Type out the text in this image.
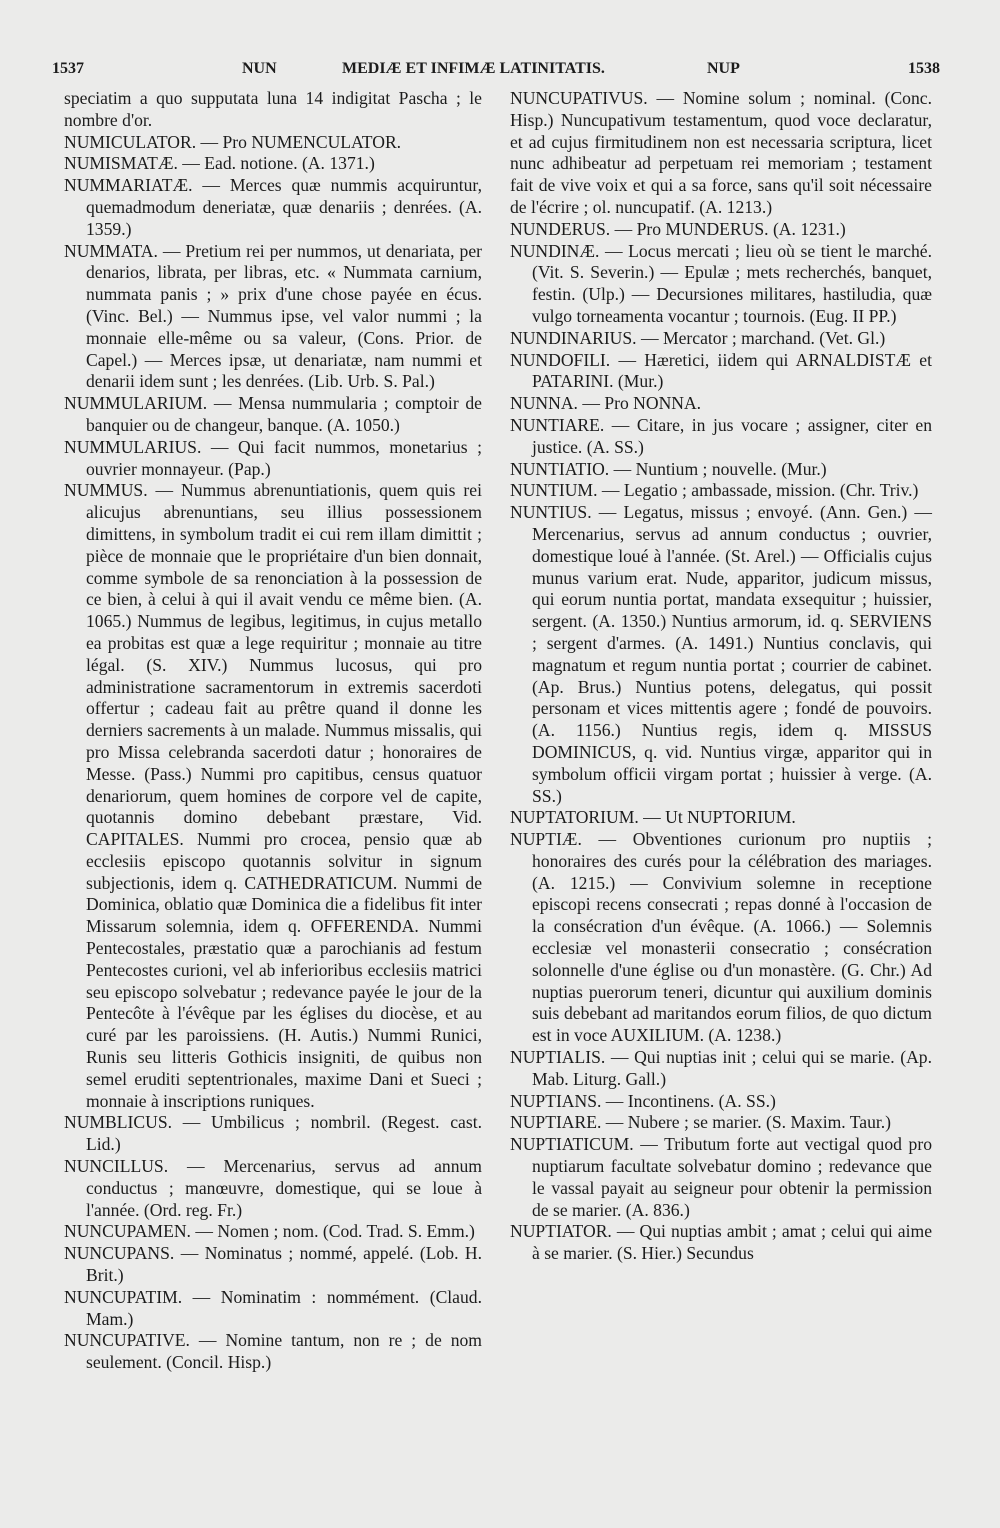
1537	NUN	MEDIÆ ET INFIMÆ LATINITATIS.	NUP	1538

speciatim a quo supputata luna 14 indigitat Pascha ; le nombre d'or.

NUMICULATOR. — Pro NUMENCULATOR.

NUMISMATÆ. — Ead. notione. (A. 1371.)

NUMMARIATÆ. — Merces quæ nummis acquiruntur, quemadmodum deneriatæ, quæ denariis ; denrées. (A. 1359.)

NUMMATA. — Pretium rei per nummos, ut denariata, per denarios, librata, per libras, etc. « Nummata carnium, nummata panis ; » prix d'une chose payée en écus. (Vinc. Bel.) — Nummus ipse, vel valor nummi ; la monnaie elle-même ou sa valeur, (Cons. Prior. de Capel.) — Merces ipsæ, ut denariatæ, nam nummi et denarii idem sunt ; les denrées. (Lib. Urb. S. Pal.)

NUMMULARIUM. — Mensa nummularia ; comptoir de banquier ou de changeur, banque. (A. 1050.)

NUMMULARIUS. — Qui facit nummos, monetarius ; ouvrier monnayeur. (Pap.)

NUMMUS. — Nummus abrenuntiationis, quem quis rei alicujus abrenuntians, seu illius possessionem dimittens, in symbolum tradit ei cui rem illam dimittit ; pièce de monnaie que le propriétaire d'un bien donnait, comme symbole de sa renonciation à la possession de ce bien, à celui à qui il avait vendu ce même bien. (A. 1065.) Nummus de legibus, legitimus, in cujus metallo ea probitas est quæ a lege requiritur ; monnaie au titre légal. (S. XIV.) Nummus lucosus, qui pro administratione sacramentorum in extremis sacerdoti offertur ; cadeau fait au prêtre quand il donne les derniers sacrements à un malade. Nummus missalis, qui pro Missa celebranda sacerdoti datur ; honoraires de Messe. (Pass.) Nummi pro capitibus, census quatuor denariorum, quem homines de corpore vel de capite, quotannis domino debebant præstare, Vid. CAPITALES. Nummi pro crocea, pensio quæ ab ecclesiis episcopo quotannis solvitur in signum subjectionis, idem q. CATHEDRATICUM. Nummi de Dominica, oblatio quæ Dominica die a fidelibus fit inter Missarum solemnia, idem q. OFFERENDA. Nummi Pentecostales, præstatio quæ a parochianis ad festum Pentecostes curioni, vel ab inferioribus ecclesiis matrici seu episcopo solvebatur ; redevance payée le jour de la Pentecôte à l'évêque par les églises du diocèse, et au curé par les paroissiens. (H. Autis.) Nummi Runici, Runis seu litteris Gothicis insigniti, de quibus non semel eruditi septentrionales, maxime Dani et Sueci ; monnaie à inscriptions runiques.

NUMBLICUS. — Umbilicus ; nombril. (Regest. cast. Lid.)

NUNCILLUS. — Mercenarius, servus ad annum conductus ; manœuvre, domestique, qui se loue à l'année. (Ord. reg. Fr.)

NUNCUPAMEN. — Nomen ; nom. (Cod. Trad. S. Emm.)

NUNCUPANS. — Nominatus ; nommé, appelé. (Lob. H. Brit.)

NUNCUPATIM. — Nominatim : nommément. (Claud. Mam.)

NUNCUPATIVE. — Nomine tantum, non re ; de nom seulement. (Concil. Hisp.)

NUNCUPATIVUS. — Nomine solum ; nominal. (Conc. Hisp.) Nuncupativum testamentum, quod voce declaratur, et ad cujus firmitudinem non est necessaria scriptura, licet nunc adhibeatur ad perpetuam rei memoriam ; testament fait de vive voix et qui a sa force, sans qu'il soit nécessaire de l'écrire ; ol. nuncupatif. (A. 1213.)

NUNDERUS. — Pro MUNDERUS. (A. 1231.)

NUNDINÆ. — Locus mercati ; lieu où se tient le marché. (Vit. S. Severin.) — Epulæ ; mets recherchés, banquet, festin. (Ulp.) — Decursiones militares, hastiludia, quæ vulgo torneamenta vocantur ; tournois. (Eug. II PP.)

NUNDINARIUS. — Mercator ; marchand. (Vet. Gl.)

NUNDOFILI. — Hæretici, iidem qui ARNALDISTÆ et PATARINI. (Mur.)

NUNNA. — Pro NONNA.

NUNTIARE. — Citare, in jus vocare ; assigner, citer en justice. (A. SS.)

NUNTIATIO. — Nuntium ; nouvelle. (Mur.)

NUNTIUM. — Legatio ; ambassade, mission. (Chr. Triv.)

NUNTIUS. — Legatus, missus ; envoyé. (Ann. Gen.) — Mercenarius, servus ad annum conductus ; ouvrier, domestique loué à l'année. (St. Arel.) — Officialis cujus munus varium erat. Nude, apparitor, judicum missus, qui eorum nuntia portat, mandata exsequitur ; huissier, sergent. (A. 1350.) Nuntius armorum, id. q. SERVIENS ; sergent d'armes. (A. 1491.) Nuntius conclavis, qui magnatum et regum nuntia portat ; courrier de cabinet. (Ap. Brus.) Nuntius potens, delegatus, qui possit personam et vices mittentis agere ; fondé de pouvoirs. (A. 1156.) Nuntius regis, idem q. MISSUS DOMINICUS, q. vid. Nuntius virgæ, apparitor qui in symbolum officii virgam portat ; huissier à verge. (A. SS.)

NUPTATORIUM. — Ut NUPTORIUM.

NUPTIÆ. — Obventiones curionum pro nuptiis ; honoraires des curés pour la célébration des mariages. (A. 1215.) — Convivium solemne in receptione episcopi recens consecrati ; repas donné à l'occasion de la consécration d'un évêque. (A. 1066.) — Solemnis ecclesiæ vel monasterii consecratio ; consécration solonnelle d'une église ou d'un monastère. (G. Chr.) Ad nuptias puerorum teneri, dicuntur qui auxilium dominis suis debebant ad maritandos eorum filios, de quo dictum est in voce AUXILIUM. (A. 1238.)

NUPTIALIS. — Qui nuptias init ; celui qui se marie. (Ap. Mab. Liturg. Gall.)

NUPTIANS. — Incontinens. (A. SS.)

NUPTIARE. — Nubere ; se marier. (S. Maxim. Taur.)

NUPTIATICUM. — Tributum forte aut vectigal quod pro nuptiarum facultate solvebatur domino ; redevance que le vassal payait au seigneur pour obtenir la permission de se marier. (A. 836.)

NUPTIATOR. — Qui nuptias ambit ; amat ; celui qui aime à se marier. (S. Hier.) Secundus
